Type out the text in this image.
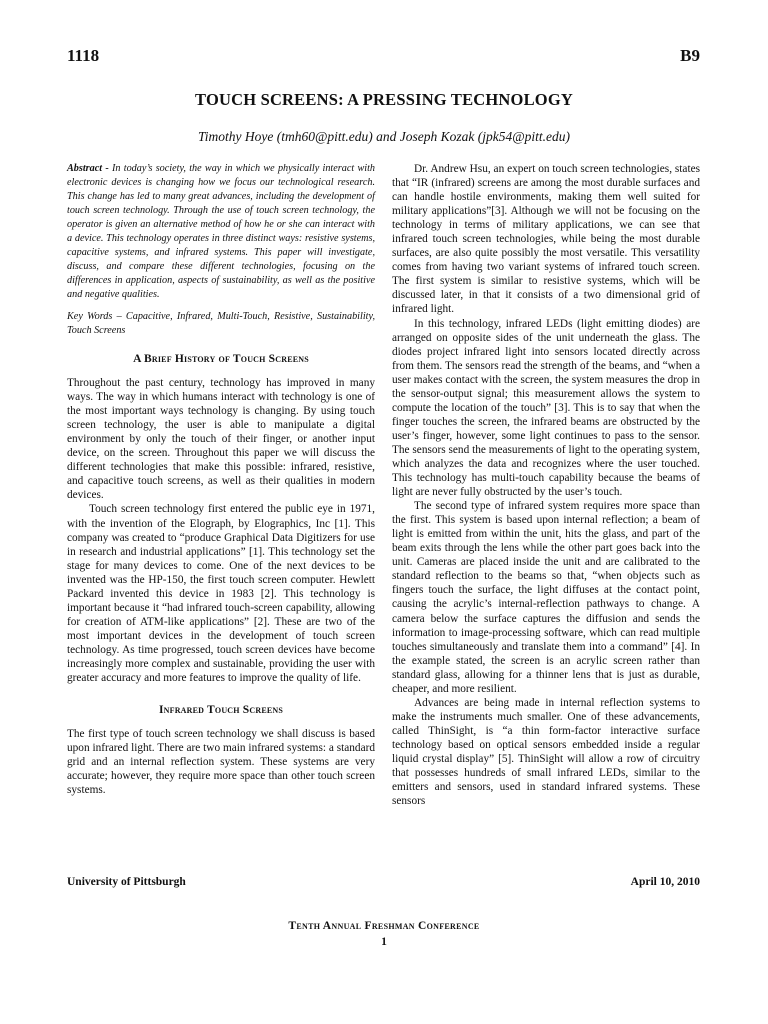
1118	B9
TOUCH SCREENS: A PRESSING TECHNOLOGY
Timothy Hoye (tmh60@pitt.edu) and Joseph Kozak (jpk54@pitt.edu)

Abstract - In today’s society, the way in which we physically interact with electronic devices is changing how we focus our technological research. This change has led to many great advances, including the development of touch screen technology. Through the use of touch screen technology, the operator is given an alternative method of how he or she can interact with a device. This technology operates in three distinct ways: resistive systems, capacitive systems, and infrared systems. This paper will investigate, discuss, and compare these different technologies, focusing on the differences in application, aspects of sustainability, as well as the positive and negative qualities.

Key Words – Capacitive, Infrared, Multi-Touch, Resistive, Sustainability, Touch Screens

A Brief History of Touch Screens

Throughout the past century, technology has improved in many ways. The way in which humans interact with technology is one of the most important ways technology is changing. By using touch screen technology, the user is able to manipulate a digital environment by only the touch of their finger, or another input device, on the screen. Throughout this paper we will discuss the different technologies that make this possible: infrared, resistive, and capacitive touch screens, as well as their qualities in modern devices.

Touch screen technology first entered the public eye in 1971, with the invention of the Elograph, by Elographics, Inc [1]. This company was created to “produce Graphical Data Digitizers for use in research and industrial applications” [1]. This technology set the stage for many devices to come. One of the next devices to be invented was the HP-150, the first touch screen computer. Hewlett Packard invented this device in 1983 [2]. This technology is important because it “had infrared touch-screen capability, allowing for creation of ATM-like applications” [2]. These are two of the most important devices in the development of touch screen technology. As time progressed, touch screen devices have become increasingly more complex and sustainable, providing the user with greater accuracy and more features to improve the quality of life.

Infrared Touch Screens

The first type of touch screen technology we shall discuss is based upon infrared light. There are two main infrared systems: a standard grid and an internal reflection system. These systems are very accurate; however, they require more space than other touch screen systems.

Dr. Andrew Hsu, an expert on touch screen technologies, states that “IR (infrared) screens are among the most durable surfaces and can handle hostile environments, making them well suited for military applications”[3]. Although we will not be focusing on the technology in terms of military applications, we can see that infrared touch screen technologies, while being the most durable surfaces, are also quite possibly the most versatile. This versatility comes from having two variant systems of infrared touch screen. The first system is similar to resistive systems, which will be discussed later, in that it consists of a two dimensional grid of infrared light.

In this technology, infrared LEDs (light emitting diodes) are arranged on opposite sides of the unit underneath the glass. The diodes project infrared light into sensors located directly across from them. The sensors read the strength of the beams, and “when a user makes contact with the screen, the system measures the drop in the sensor-output signal; this measurement allows the system to compute the location of the touch” [3]. This is to say that when the finger touches the screen, the infrared beams are obstructed by the user’s finger, however, some light continues to pass to the sensor. The sensors send the measurements of light to the operating system, which analyzes the data and recognizes where the user touched. This technology has multi-touch capability because the beams of light are never fully obstructed by the user’s touch.

The second type of infrared system requires more space than the first. This system is based upon internal reflection; a beam of light is emitted from within the unit, hits the glass, and part of the beam exits through the lens while the other part goes back into the unit. Cameras are placed inside the unit and are calibrated to the standard reflection to the beams so that, “when objects such as fingers touch the surface, the light diffuses at the contact point, causing the acrylic’s internal-reflection pathways to change. A camera below the surface captures the diffusion and sends the information to image-processing software, which can read multiple touches simultaneously and translate them into a command” [4]. In the example stated, the screen is an acrylic screen rather than standard glass, allowing for a thinner lens that is just as durable, cheaper, and more resilient.

Advances are being made in internal reflection systems to make the instruments much smaller. One of these advancements, called ThinSight, is “a thin form-factor interactive surface technology based on optical sensors embedded inside a regular liquid crystal display” [5]. ThinSight will allow a row of circuitry that possesses hundreds of small infrared LEDs, similar to the emitters and sensors, used in standard infrared systems. These sensors

University of Pittsburgh	April 10, 2010
Tenth Annual Freshman Conference
1
